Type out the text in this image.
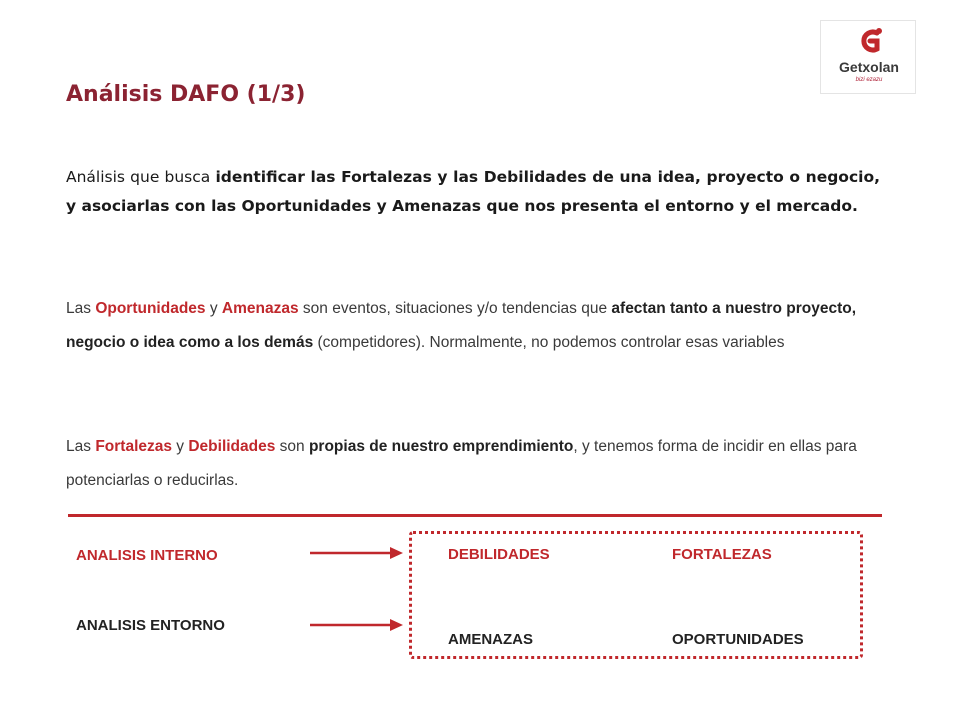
Getxolan
bizi ezazu
Análisis DAFO (1/3)

Análisis que busca identificar las Fortalezas y las Debilidades de una idea, proyecto o negocio, y asociarlas con las Oportunidades y Amenazas que nos presenta el entorno y el mercado.

Las Oportunidades y Amenazas son eventos, situaciones y/o tendencias que afectan tanto a nuestro proyecto, negocio o idea como a los demás (competidores). Normalmente, no podemos controlar esas variables

Las Fortalezas y Debilidades son propias de nuestro emprendimiento, y tenemos forma de incidir en ellas para potenciarlas o reducirlas.

ANALISIS INTERNO
ANALISIS ENTORNO
DEBILIDADES	FORTALEZAS
AMENAZAS	OPORTUNIDADES
